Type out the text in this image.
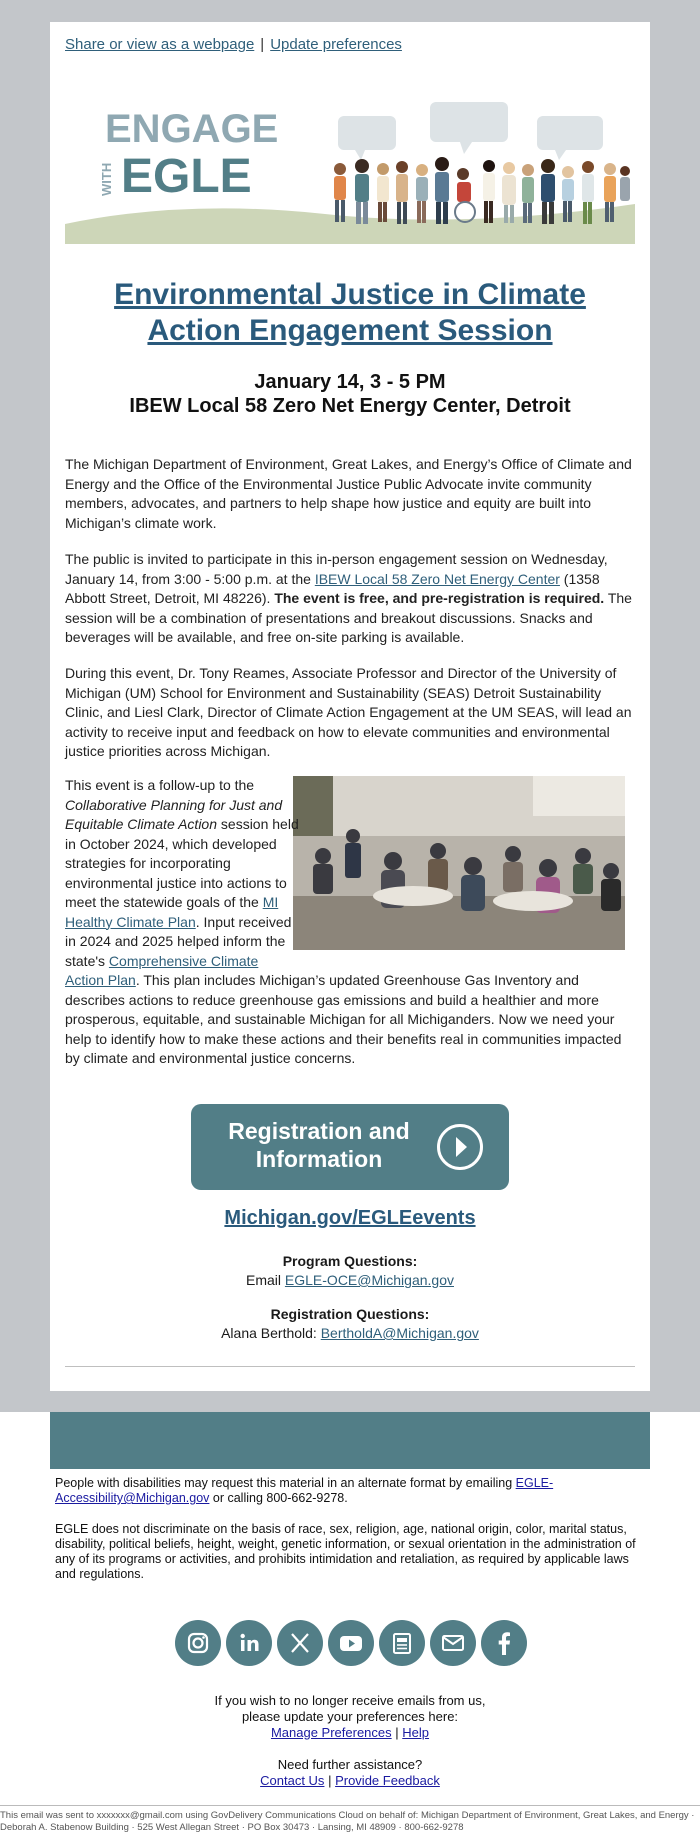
Share or view as a webpage | Update preferences
ENGAGE
WITH EGLE
Environmental Justice in Climate Action Engagement Session
January 14, 3 - 5 PM
IBEW Local 58 Zero Net Energy Center, Detroit
The Michigan Department of Environment, Great Lakes, and Energy’s Office of Climate and Energy and the Office of the Environmental Justice Public Advocate invite community members, advocates, and partners to help shape how justice and equity are built into Michigan’s climate work.
The public is invited to participate in this in-person engagement session on Wednesday, January 14, from 3:00 - 5:00 p.m. at the IBEW Local 58 Zero Net Energy Center (1358 Abbott Street, Detroit, MI 48226). The event is free, and pre-registration is required. The session will be a combination of presentations and breakout discussions. Snacks and beverages will be available, and free on-site parking is available.
During this event, Dr. Tony Reames, Associate Professor and Director of the University of Michigan (UM) School for Environment and Sustainability (SEAS) Detroit Sustainability Clinic, and Liesl Clark, Director of Climate Action Engagement at the UM SEAS, will lead an activity to receive input and feedback on how to elevate communities and environmental justice priorities across Michigan.
This event is a follow-up to the Collaborative Planning for Just and Equitable Climate Action session held in October 2024, which developed strategies for incorporating environmental justice into actions to meet the statewide goals of the MI Healthy Climate Plan. Input received in 2024 and 2025 helped inform the state's Comprehensive Climate Action Plan. This plan includes Michigan’s updated Greenhouse Gas Inventory and describes actions to reduce greenhouse gas emissions and build a healthier and more prosperous, equitable, and sustainable Michigan for all Michiganders. Now we need your help to identify how to make these actions and their benefits real in communities impacted by climate and environmental justice concerns.
Registration and Information
Michigan.gov/EGLEevents
Program Questions:
Email EGLE-OCE@Michigan.gov
Registration Questions:
Alana Berthold: BertholdA@Michigan.gov
People with disabilities may request this material in an alternate format by emailing EGLE-Accessibility@Michigan.gov or calling 800-662-9278.
EGLE does not discriminate on the basis of race, sex, religion, age, national origin, color, marital status, disability, political beliefs, height, weight, genetic information, or sexual orientation in the administration of any of its programs or activities, and prohibits intimidation and retaliation, as required by applicable laws and regulations.
If you wish to no longer receive emails from us,
please update your preferences here:
Manage Preferences | Help
Need further assistance?
Contact Us | Provide Feedback
This email was sent to xxxxxxx@gmail.com using GovDelivery Communications Cloud on behalf of: Michigan Department of Environment, Great Lakes, and Energy · Deborah A. Stabenow Building · 525 West Allegan Street · PO Box 30473 · Lansing, MI 48909 · 800-662-9278
